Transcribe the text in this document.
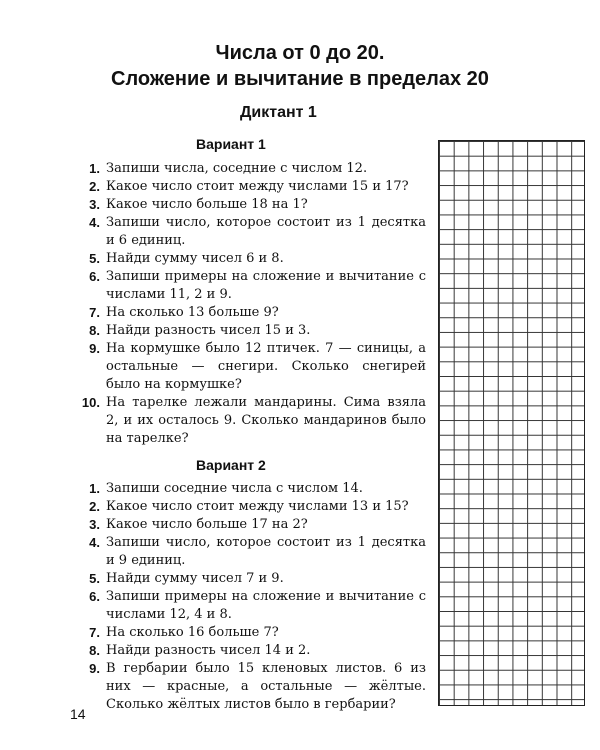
Числа от 0 до 20.
Сложение и вычитание в пределах 20
Диктант 1
Вариант 1
1. Запиши числа, соседние с числом 12.
2. Какое число стоит между числами 15 и 17?
3. Какое число больше 18 на 1?
4. Запиши число, которое состоит из 1 десятка и 6 единиц.
5. Найди сумму чисел 6 и 8.
6. Запиши примеры на сложение и вычитание с числами 11, 2 и 9.
7. На сколько 13 больше 9?
8. Найди разность чисел 15 и 3.
9. На кормушке было 12 птичек. 7 — синицы, а остальные — снегири. Сколько снегирей было на кормушке?
10. На тарелке лежали мандарины. Сима взяла 2, и их осталось 9. Сколько мандаринов было на тарелке?
Вариант 2
1. Запиши соседние числа с числом 14.
2. Какое число стоит между числами 13 и 15?
3. Какое число больше 17 на 2?
4. Запиши число, которое состоит из 1 десятка и 9 единиц.
5. Найди сумму чисел 7 и 9.
6. Запиши примеры на сложение и вычитание с числами 12, 4 и 8.
7. На сколько 16 больше 7?
8. Найди разность чисел 14 и 2.
9. В гербарии было 15 кленовых листов. 6 из них — красные, а остальные — жёлтые. Сколько жёлтых листов было в гербарии?
14
